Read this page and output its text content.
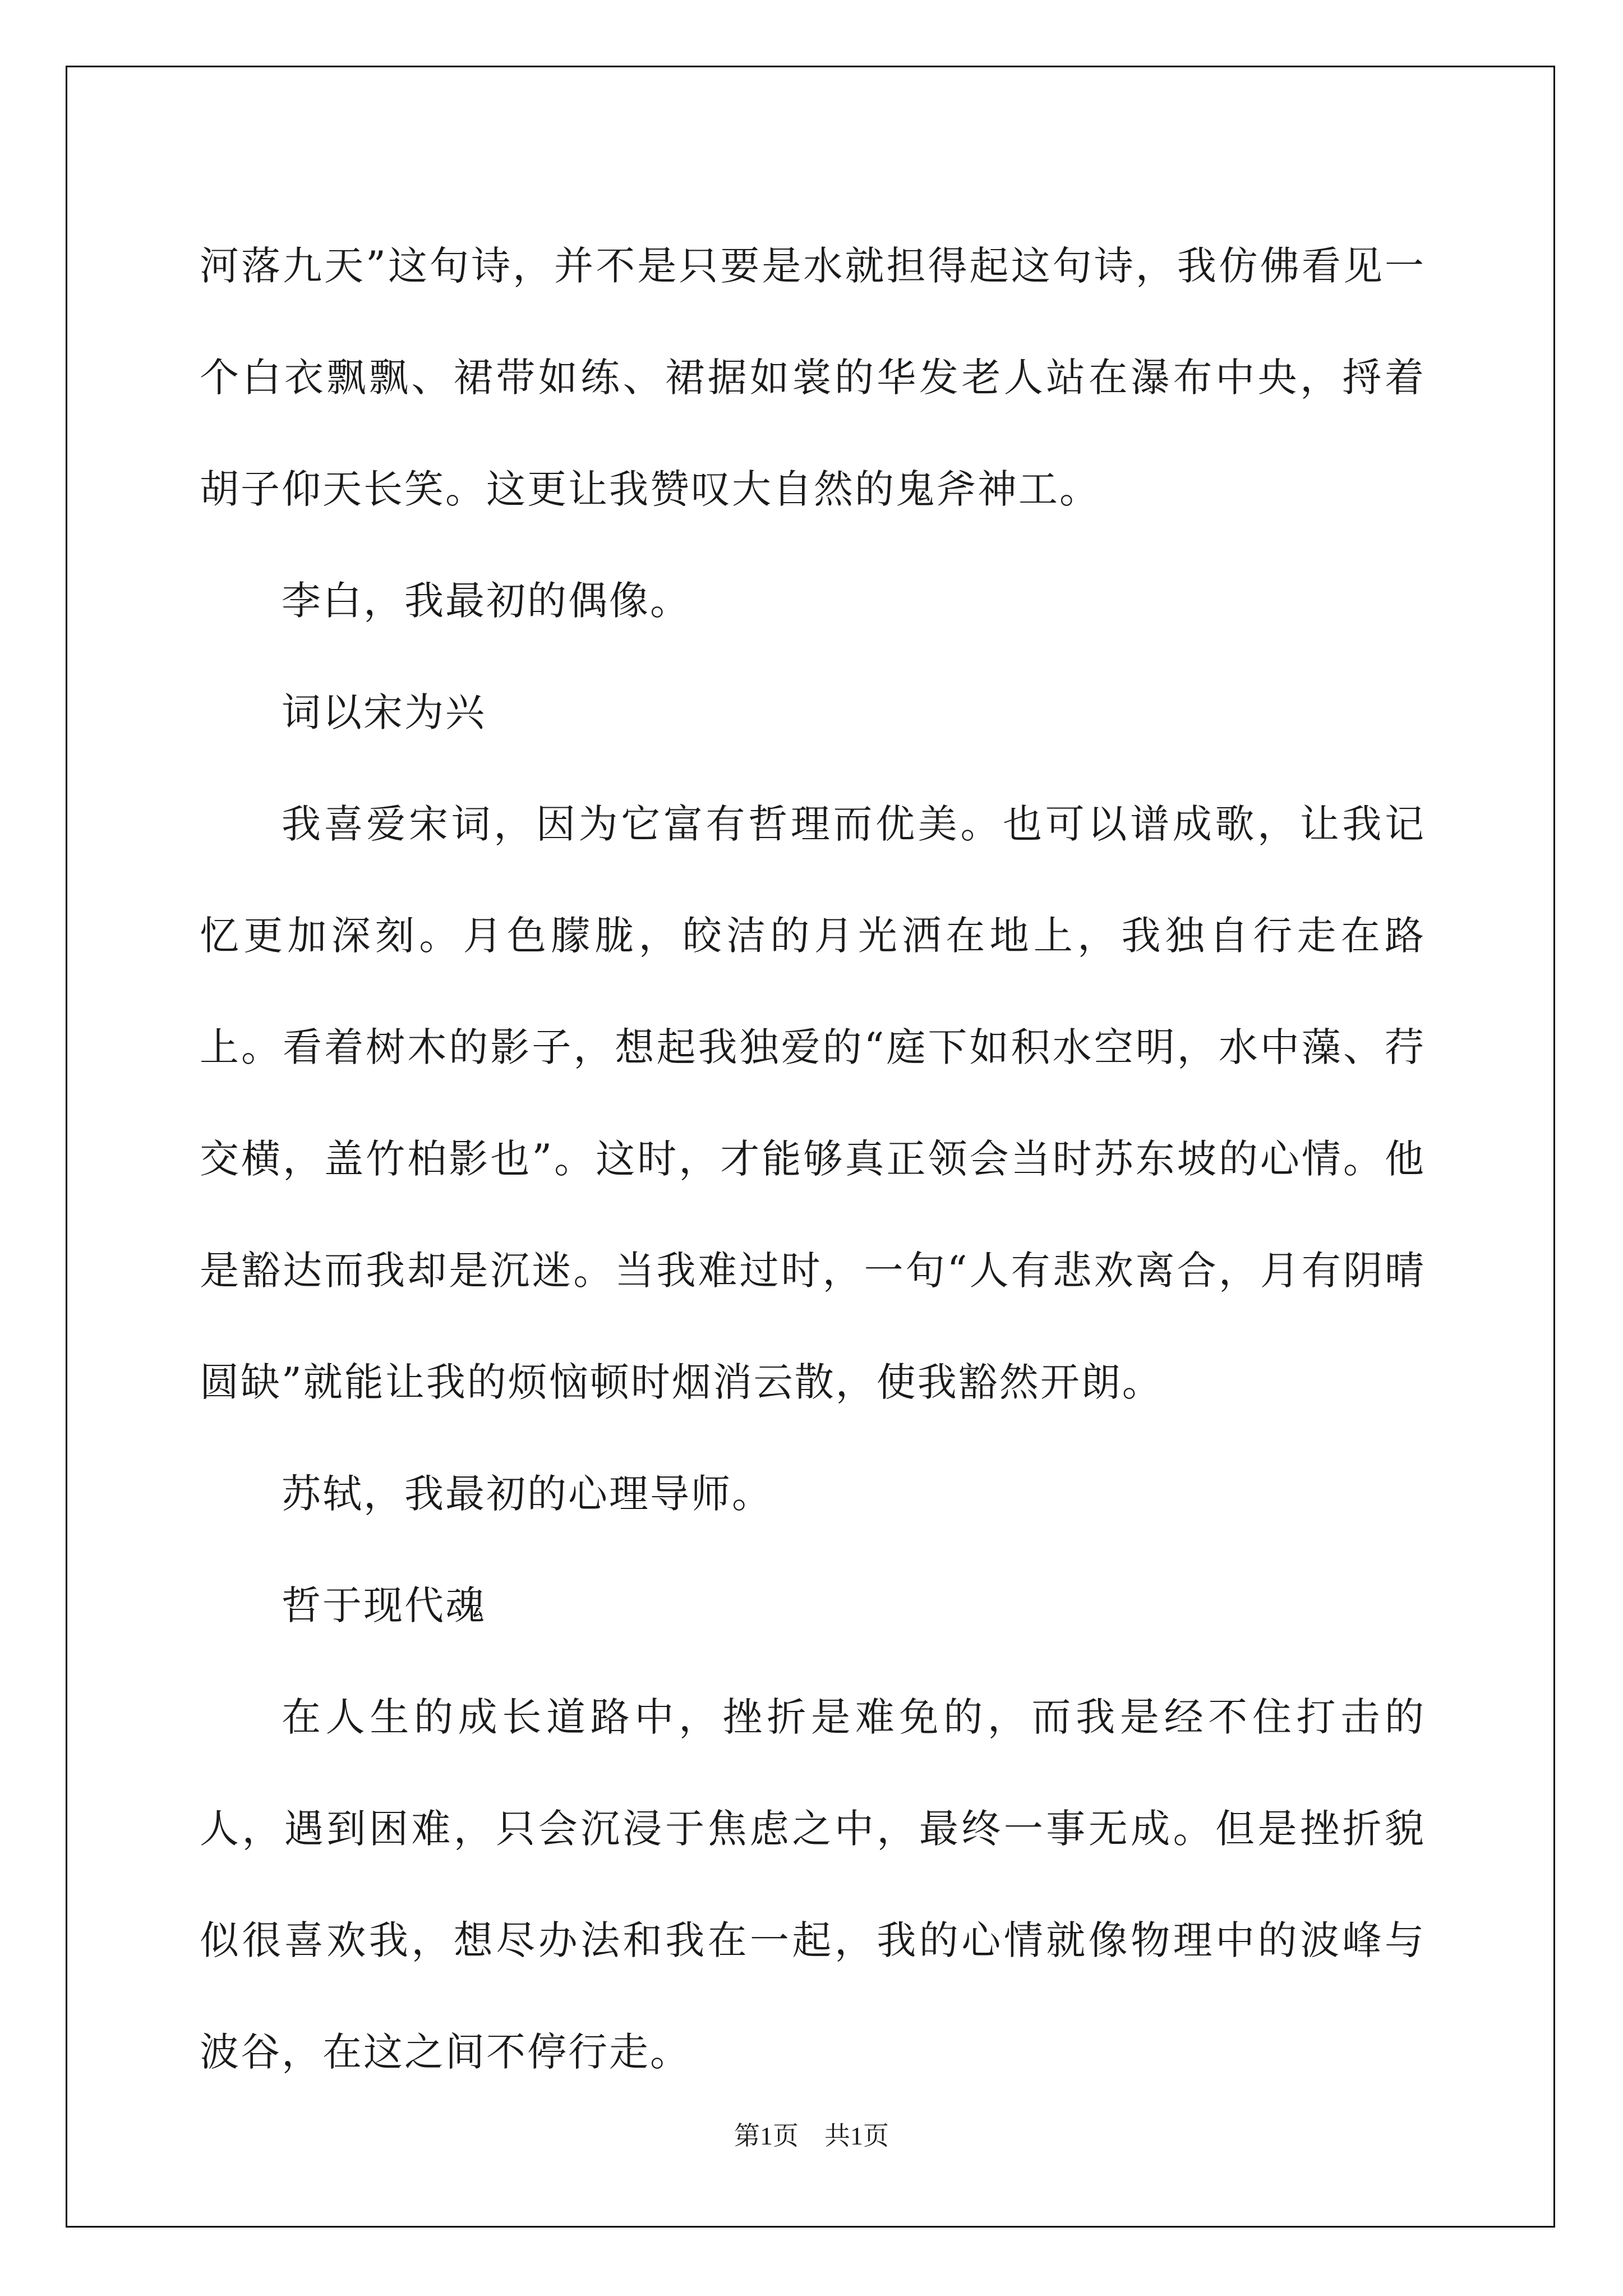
河落九天”这句诗，并不是只要是水就担得起这句诗，我仿佛看见一个白衣飘飘、裙带如练、裙据如裳的华发老人站在瀑布中央，捋着胡子仰天长笑。这更让我赞叹大自然的鬼斧神工。

李白，我最初的偶像。

词以宋为兴

我喜爱宋词，因为它富有哲理而优美。也可以谱成歌，让我记忆更加深刻。月色朦胧，皎洁的月光洒在地上，我独自行走在路上。看着树木的影子，想起我独爱的“庭下如积水空明，水中藻、荇交横，盖竹柏影也”。这时，才能够真正领会当时苏东坡的心情。他是豁达而我却是沉迷。当我难过时，一句“人有悲欢离合，月有阴晴圆缺”就能让我的烦恼顿时烟消云散，使我豁然开朗。

苏轼，我最初的心理导师。

哲于现代魂

在人生的成长道路中，挫折是难免的，而我是经不住打击的人，遇到困难，只会沉浸于焦虑之中，最终一事无成。但是挫折貌似很喜欢我，想尽办法和我在一起，我的心情就像物理中的波峰与波谷，在这之间不停行走。

第1页　共1页
